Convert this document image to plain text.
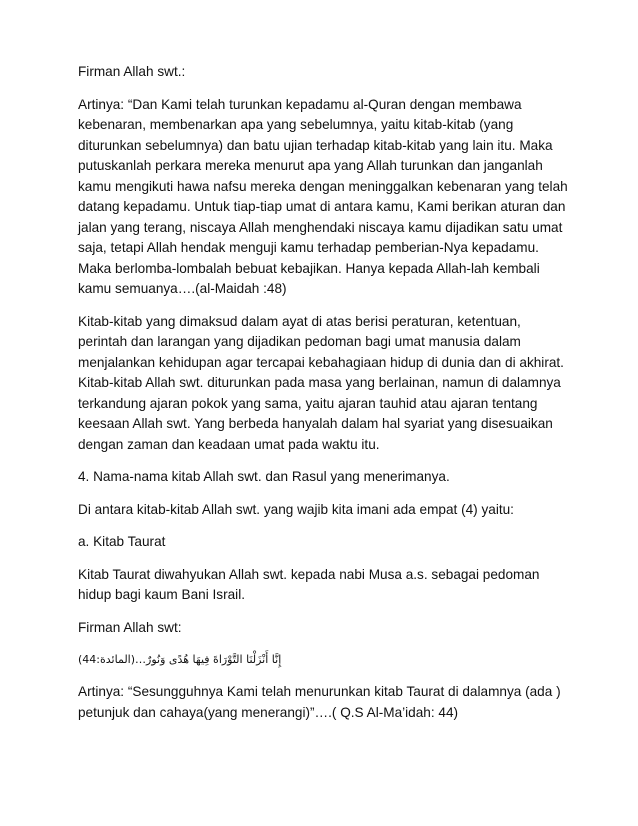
Firman Allah swt.:

Artinya: “Dan Kami telah turunkan kepadamu al-Quran dengan membawa kebenaran, membenarkan apa yang sebelumnya, yaitu kitab-kitab (yang diturunkan sebelumnya) dan batu ujian terhadap kitab-kitab yang lain itu. Maka putuskanlah perkara mereka menurut apa yang Allah turunkan dan janganlah kamu mengikuti hawa nafsu mereka dengan meninggalkan kebenaran yang telah datang kepadamu. Untuk tiap-tiap umat di antara kamu, Kami berikan aturan dan jalan yang terang, niscaya Allah menghendaki niscaya kamu dijadikan satu umat saja, tetapi Allah hendak menguji kamu terhadap pemberian-Nya kepadamu. Maka berlomba-lombalah bebuat kebajikan. Hanya kepada Allah-lah kembali kamu semuanya….(al-Maidah :48)

Kitab-kitab yang dimaksud dalam ayat di atas berisi peraturan, ketentuan, perintah dan larangan yang dijadikan pedoman bagi umat manusia dalam menjalankan kehidupan agar tercapai kebahagiaan hidup di dunia dan di akhirat. Kitab-kitab Allah swt. diturunkan pada masa yang berlainan, namun di dalamnya terkandung ajaran pokok yang sama, yaitu ajaran tauhid atau ajaran tentang keesaan Allah swt. Yang berbeda hanyalah dalam hal syariat yang disesuaikan dengan zaman dan keadaan umat pada waktu itu.

4. Nama-nama kitab Allah swt. dan Rasul yang menerimanya.

Di antara kitab-kitab Allah swt. yang wajib kita imani ada empat (4) yaitu:

a. Kitab Taurat

Kitab Taurat diwahyukan Allah swt. kepada nabi Musa a.s. sebagai pedoman hidup bagi kaum Bani Israil.

Firman Allah swt:

إِنَّا أَنْزَلْنَا التَّوْرَاةَ فِيهَا هُدًى وَنُورٌ…(المائدة:44)

Artinya: “Sesungguhnya Kami telah menurunkan kitab Taurat di dalamnya (ada ) petunjuk dan cahaya(yang menerangi)”….( Q.S Al-Ma’idah: 44)
